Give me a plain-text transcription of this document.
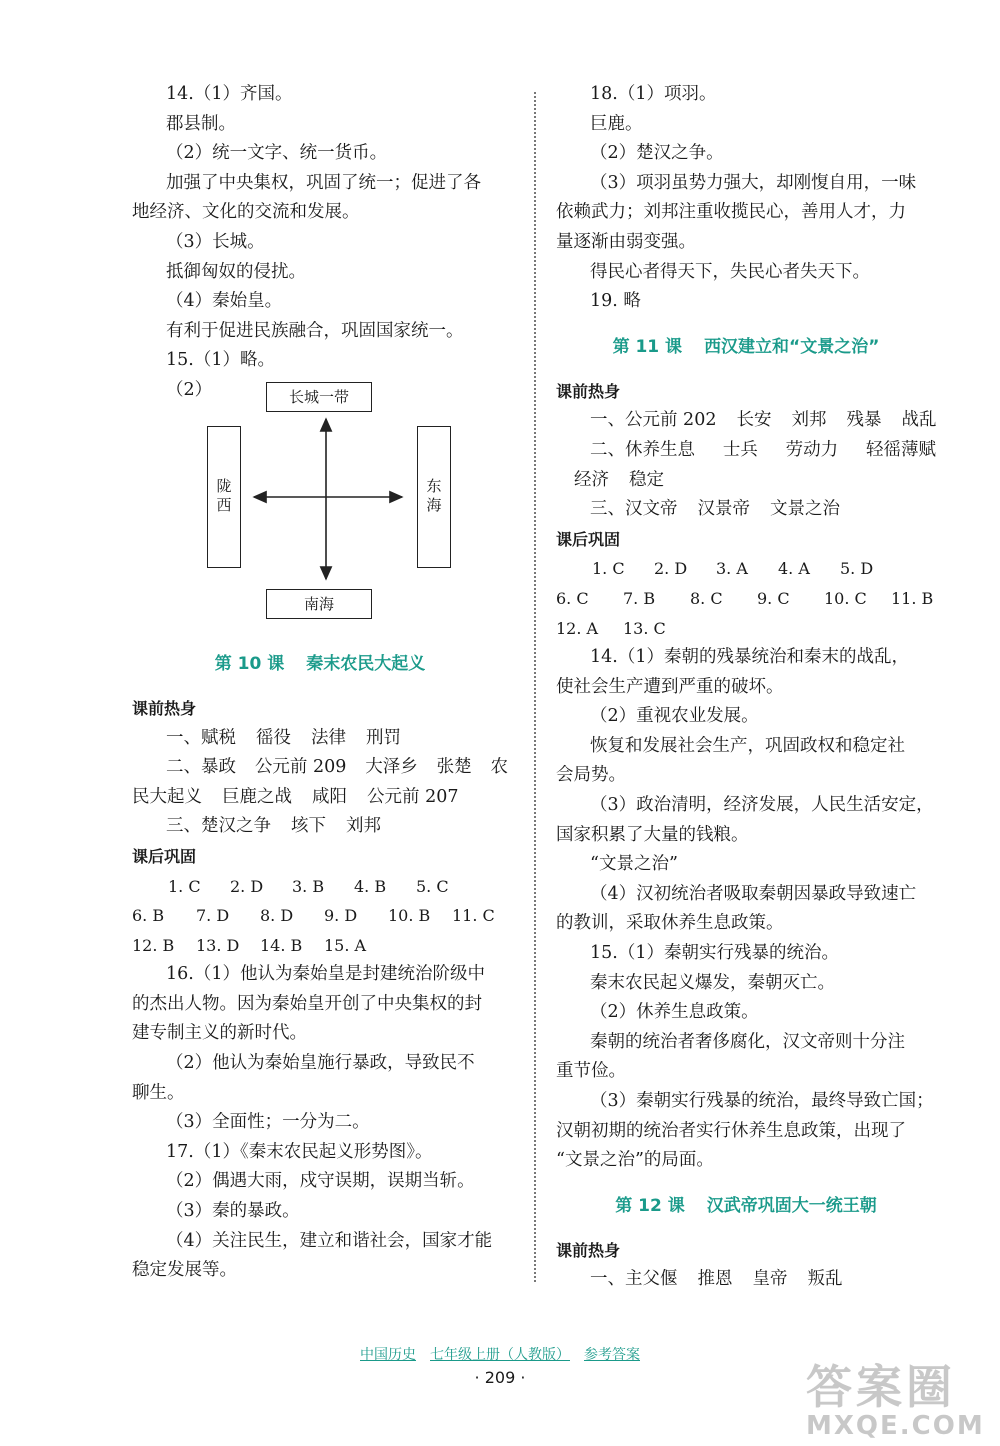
14.（1）齐国。
郡县制。
（2）统一文字、统一货币。
加强了中央集权，巩固了统一；促进了各
地经济、文化的交流和发展。
（3）长城。
抵御匈奴的侵扰。
（4）秦始皇。
有利于促进民族融合，巩固国家统一。
15.（1）略。
（2）	长城一带
陇西	东海
南海
第 10 课 秦末农民大起义
课前热身
一、赋税 徭役 法律 刑罚
二、暴政 公元前 209 大泽乡 张楚 农
民大起义 巨鹿之战 咸阳 公元前 207
三、楚汉之争 垓下 刘邦
课后巩固
1. C	2. D	3. B	4. B	5. C
6. B	7. D	8. D	9. D	10. B	11. C
12. B	13. D	14. B	15. A
16.（1）他认为秦始皇是封建统治阶级中
的杰出人物。因为秦始皇开创了中央集权的封
建专制主义的新时代。
（2）他认为秦始皇施行暴政，导致民不
聊生。
（3）全面性；一分为二。
17.（1）《秦末农民起义形势图》。
（2）偶遇大雨，戍守误期，误期当斩。
（3）秦的暴政。
（4）关注民生，建立和谐社会，国家才能
稳定发展等。
18.（1）项羽。
巨鹿。
（2）楚汉之争。
（3）项羽虽势力强大，却刚愎自用，一味
依赖武力；刘邦注重收揽民心，善用人才，力
量逐渐由弱变强。
得民心者得天下，失民心者失天下。
19. 略
第 11 课 西汉建立和“文景之治”
课前热身
一、公元前 202 长安 刘邦 残暴 战乱
二、休养生息 士兵 劳动力 轻徭薄赋
经济 稳定
三、汉文帝 汉景帝 文景之治
课后巩固
1. C	2. D	3. A	4. A	5. D
6. C	7. B	8. C	9. C	10. C	11. B
12. A	13. C
14.（1）秦朝的残暴统治和秦末的战乱，
使社会生产遭到严重的破坏。
（2）重视农业发展。
恢复和发展社会生产，巩固政权和稳定社
会局势。
（3）政治清明，经济发展，人民生活安定，
国家积累了大量的钱粮。
“文景之治”
（4）汉初统治者吸取秦朝因暴政导致速亡
的教训，采取休养生息政策。
15.（1）秦朝实行残暴的统治。
秦末农民起义爆发，秦朝灭亡。
（2）休养生息政策。
秦朝的统治者奢侈腐化，汉文帝则十分注
重节俭。
（3）秦朝实行残暴的统治，最终导致亡国；
汉朝初期的统治者实行休养生息政策，出现了
“文景之治”的局面。
第 12 课 汉武帝巩固大一统王朝
课前热身
一、主父偃 推恩 皇帝 叛乱
中国历史 七年级上册（人教版） 参考答案
· 209 ·	答案圈
MXQE.COM
